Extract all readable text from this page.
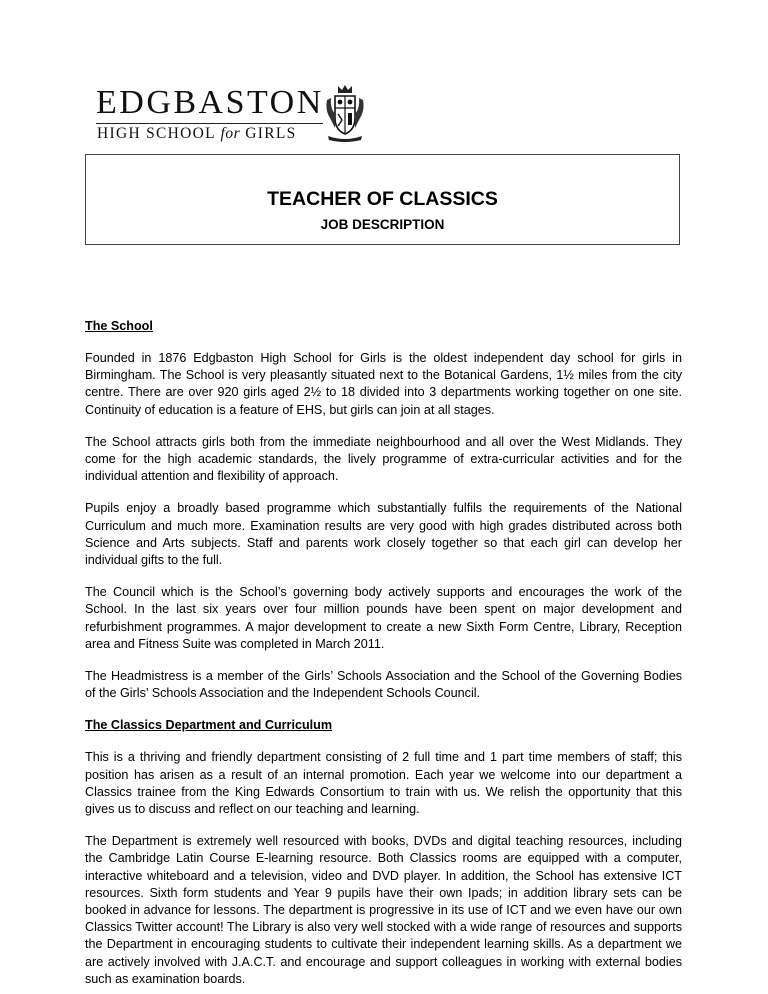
EDGBASTON
HIGH SCHOOL for GIRLS
TEACHER OF CLASSICS
JOB DESCRIPTION

The School

Founded in 1876 Edgbaston High School for Girls is the oldest independent day school for girls in Birmingham. The School is very pleasantly situated next to the Botanical Gardens, 1½ miles from the city centre. There are over 920 girls aged 2½ to 18 divided into 3 departments working together on one site. Continuity of education is a feature of EHS, but girls can join at all stages.

The School attracts girls both from the immediate neighbourhood and all over the West Midlands. They come for the high academic standards, the lively programme of extra-curricular activities and for the individual attention and flexibility of approach.

Pupils enjoy a broadly based programme which substantially fulfils the requirements of the National Curriculum and much more. Examination results are very good with high grades distributed across both Science and Arts subjects. Staff and parents work closely together so that each girl can develop her individual gifts to the full.

The Council which is the School’s governing body actively supports and encourages the work of the School. In the last six years over four million pounds have been spent on major development and refurbishment programmes. A major development to create a new Sixth Form Centre, Library, Reception area and Fitness Suite was completed in March 2011.

The Headmistress is a member of the Girls’ Schools Association and the School of the Governing Bodies of the Girls’ Schools Association and the Independent Schools Council.

The Classics Department and Curriculum

This is a thriving and friendly department consisting of 2 full time and 1 part time members of staff; this position has arisen as a result of an internal promotion. Each year we welcome into our department a Classics trainee from the King Edwards Consortium to train with us. We relish the opportunity that this gives us to discuss and reflect on our teaching and learning.

The Department is extremely well resourced with books, DVDs and digital teaching resources, including the Cambridge Latin Course E-learning resource. Both Classics rooms are equipped with a computer, interactive whiteboard and a television, video and DVD player. In addition, the School has extensive ICT resources. Sixth form students and Year 9 pupils have their own Ipads; in addition library sets can be booked in advance for lessons. The department is progressive in its use of ICT and we even have our own Classics Twitter account! The Library is also very well stocked with a wide range of resources and supports the Department in encouraging students to cultivate their independent learning skills. As a department we are actively involved with J.A.C.T. and encourage and support colleagues in working with external bodies such as examination boards.
